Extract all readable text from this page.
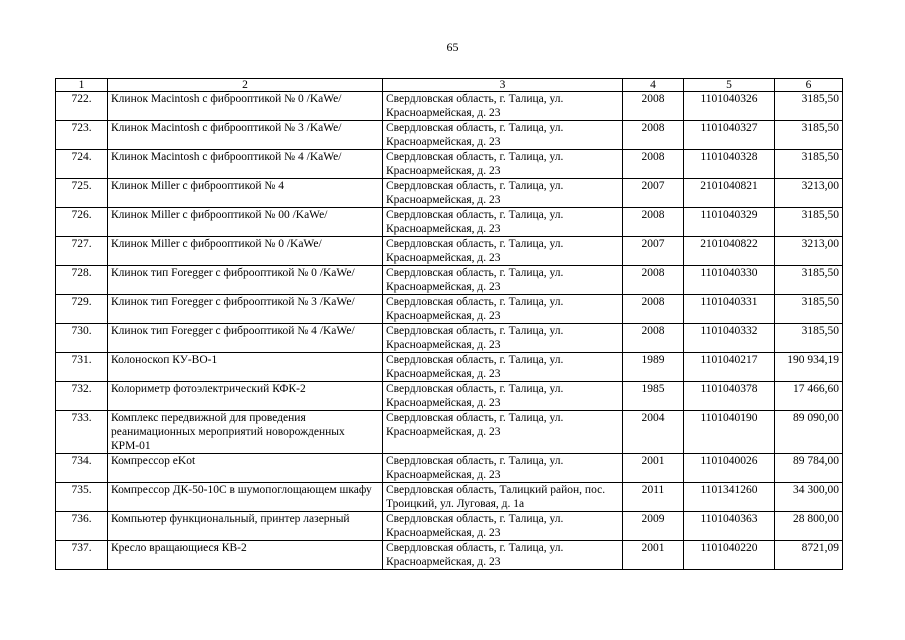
65
1	2	3	4	5	6
722.	Клинок Macintosh с фиброоптикой № 0 /KaWe/	Свердловская область, г. Талица, ул. Красноармейская, д. 23	2008	1101040326	3185,50
723.	Клинок Macintosh с фиброоптикой № 3 /KaWe/	Свердловская область, г. Талица, ул. Красноармейская, д. 23	2008	1101040327	3185,50
724.	Клинок Macintosh с фиброоптикой № 4 /KaWe/	Свердловская область, г. Талица, ул. Красноармейская, д. 23	2008	1101040328	3185,50
725.	Клинок Miller с фиброоптикой № 4	Свердловская область, г. Талица, ул. Красноармейская, д. 23	2007	2101040821	3213,00
726.	Клинок Miller с фиброоптикой № 00 /KaWe/	Свердловская область, г. Талица, ул. Красноармейская, д. 23	2008	1101040329	3185,50
727.	Клинок Miller с фиброоптикой № 0 /KaWe/	Свердловская область, г. Талица, ул. Красноармейская, д. 23	2007	2101040822	3213,00
728.	Клинок тип Foregger с фиброоптикой № 0 /KaWe/	Свердловская область, г. Талица, ул. Красноармейская, д. 23	2008	1101040330	3185,50
729.	Клинок тип Foregger с фиброоптикой № 3 /KaWe/	Свердловская область, г. Талица, ул. Красноармейская, д. 23	2008	1101040331	3185,50
730.	Клинок тип Foregger с фиброоптикой № 4 /KaWe/	Свердловская область, г. Талица, ул. Красноармейская, д. 23	2008	1101040332	3185,50
731.	Колоноскоп КУ-ВО-1	Свердловская область, г. Талица, ул. Красноармейская, д. 23	1989	1101040217	190 934,19
732.	Колориметр фотоэлектрический КФК-2	Свердловская область, г. Талица, ул. Красноармейская, д. 23	1985	1101040378	17 466,60
733.	Комплекс передвижной для проведения реанимационных мероприятий новорожденных КРМ-01	Свердловская область, г. Талица, ул. Красноармейская, д. 23	2004	1101040190	89 090,00
734.	Компрессор eKot	Свердловская область, г. Талица, ул. Красноармейская, д. 23	2001	1101040026	89 784,00
735.	Компрессор ДК-50-10С в шумопоглощающем шкафу	Свердловская область, Талицкий район, пос. Троицкий, ул. Луговая, д. 1а	2011	1101341260	34 300,00
736.	Компьютер функциональный, принтер лазерный	Свердловская область, г. Талица, ул. Красноармейская, д. 23	2009	1101040363	28 800,00
737.	Кресло вращающиеся КВ-2	Свердловская область, г. Талица, ул. Красноармейская, д. 23	2001	1101040220	8721,09
